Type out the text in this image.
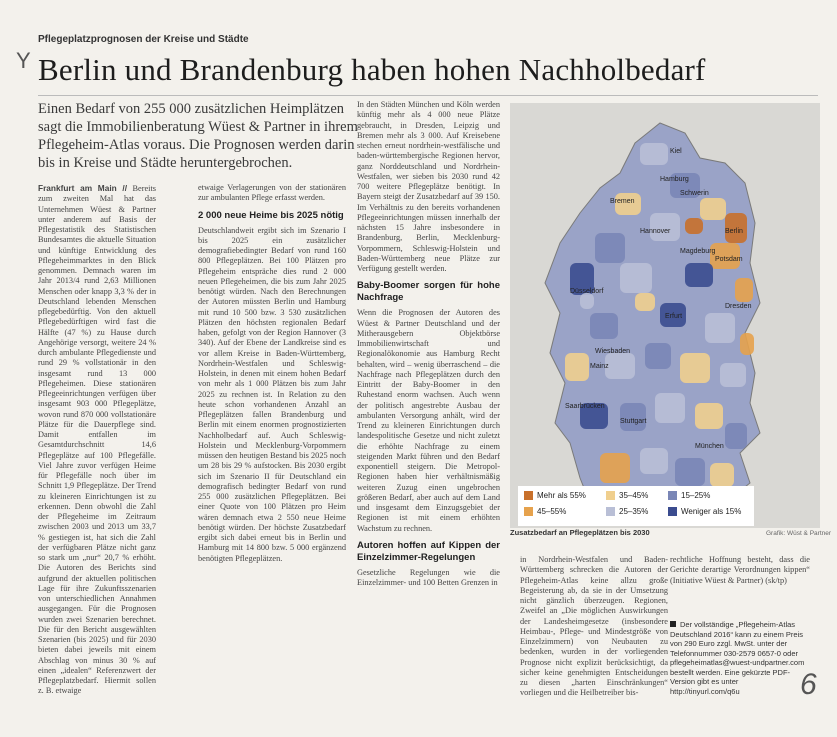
Y
Pflegeplatzprognosen der Kreise und Städte
Berlin und Brandenburg haben hohen Nachholbedarf
Einen Bedarf von 255 000 zusätzlichen Heimplätzen sagt die Immobilienberatung Wüest & Partner in ihrem Pflegeheim-Atlas voraus. Die Prognosen werden darin bis in Kreise und Städte heruntergebrochen.

Frankfurt am Main // Bereits zum zweiten Mal hat das Unternehmen Wüest & Partner unter anderem auf Basis der Pflegestatistik des Statistischen Bundesamtes die aktuelle Situation und künftige Entwicklung des Pflegeheimmarktes in den Blick genommen. Demnach waren im Jahr 2013/4 rund 2,63 Millionen Menschen oder knapp 3,3 % der in Deutschland lebenden Menschen pflegebedürftig. Von den aktuell Pflegebedürftigen wird fast die Hälfte (47 %) zu Hause durch Angehörige versorgt, weitere 24 % durch ambulante Pflegedienste und rund 29 % vollstationär in den insgesamt rund 13 000 Pflegeheimen. Diese stationären Pflegeeinrichtungen verfügen über insgesamt 903 000 Pflegeplätze, wovon rund 870 000 vollstationäre Plätze für die Dauerpflege sind. Damit entfallen im Gesamtdurchschnitt 14,6 Pflegeplätze auf 100 Pflegefälle. Viel Jahre zuvor verfügen Heime für Pflegefälle noch über im Schnitt 1,9 Pflegeplätze. Der Trend zu kleineren Einrichtungen ist zu erkennen. Denn obwohl die Zahl der Pflegeheime im Zeitraum zwischen 2003 und 2013 um 33,7 % gestiegen ist, hat sich die Zahl der verfügbaren Plätze nicht ganz so stark um „nur“ 20,7 % erhöht. Die Autoren des Berichts sind aufgrund der aktuellen politischen Lage für ihre Zukunftsszenarien von unterschiedlichen Annahmen ausgegangen. Für die Prognosen wurden zwei Szenarien berechnet. Die für den Bericht ausgewählten Szenarien (bis 2025) und für 2030 bieten dabei jeweils mit einem Abschlag von minus 30 % auf einen „idealen“ Referenzwert der Pflegeplatzbedarf. Hiermit sollen z. B. etwaige

etwaige Verlagerungen von der stationären zur ambulanten Pflege erfasst werden.

2 000 neue Heime bis 2025 nötig

Deutschlandweit ergibt sich im Szenario I bis 2025 ein zusätzlicher demografiebedingter Bedarf von rund 160 800 Pflegeplätzen. Bei 100 Plätzen pro Pflegeheim entspräche dies rund 2 000 neuen Pflegeheimen, die bis zum Jahr 2025 benötigt würden. Nach den Berechnungen der Autoren müssten Berlin und Hamburg mit rund 10 500 bzw. 3 530 zusätzlichen Plätzen den höchsten regionalen Bedarf haben, gefolgt von der Region Hannover (3 340). Auf der Ebene der Landkreise sind es vor allem Kreise in Baden-Württemberg, Nordrhein-Westfalen und Schleswig-Holstein, in denen mit einem hohen Bedarf von mehr als 1 000 Plätzen bis zum Jahr 2025 zu rechnen ist. In Relation zu den heute schon vorhandenen Anzahl an Pflegeplätzen fallen Brandenburg und Berlin mit einem enormen prognostizierten Nachholbedarf auf. Auch Schleswig-Holstein und Mecklenburg-Vorpommern müssen den heutigen Bestand bis 2025 noch um 28 bis 29 % aufstocken. Bis 2030 ergibt sich im Szenario II für Deutschland ein demografisch bedingter Bedarf von rund 255 000 zusätzlichen Pflegeplätzen. Bei einer Quote von 100 Plätzen pro Heim wären demnach etwa 2 550 neue Heime benötigt würden. Der höchste Zusatzbedarf ergibt sich dabei erneut bis in Berlin und Hamburg mit 14 800 bzw. 5 000 ergänzend benötigten Pflegeplätzen.

In den Städten München und Köln werden künftig mehr als 4 000 neue Plätze gebraucht, in Dresden, Leipzig und Bremen mehr als 3 000. Auf Kreisebene stechen erneut nordrhein-westfälische und baden-württembergische Regionen hervor, ganz Norddeutschland und Nordrhein-Westfalen, wer sieben bis 2030 rund 42 700 weitere Pflegeplätze benötigt. In Bayern steigt der Zusatzbedarf auf 39 150. Im Verhältnis zu den bereits vorhandenen Pflegeeinrichtungen müssen innerhalb der nächsten 15 Jahre insbesondere in Brandenburg, Berlin, Mecklenburg-Vorpommern, Schleswig-Holstein und Baden-Württemberg neue Plätze zur Verfügung gestellt werden.

Baby-Boomer sorgen für hohe Nachfrage

Wenn die Prognosen der Autoren des Wüest & Partner Deutschland und der Mitherausgebern Objektbörse Immobilienwirtschaft und Regionalökonomie aus Hamburg Recht behalten, wird – wenig überraschend – die Nachfrage nach Pflegeplätzen durch den Eintritt der Baby-Boomer in den Ruhestand enorm wachsen. Auch wenn der politisch angestrebte Ausbau der ambulanten Versorgung anhält, wird der Trend zu kleineren Einrichtungen durch landespolitische Gesetze und nicht zuletzt die erhöhte Nachfrage zu einem steigenden Markt führen und den Bedarf exponentiell steigern. Die Metropol-Regionen haben hier verhältnismäßig weiteren Zuzug einen ungebrochen größeren Bedarf, aber auch auf dem Land und insgesamt dem Einzugsgebiet der Regionen ist mit einem erhöhten Wachstum zu rechnen.

Autoren hoffen auf Kippen der Einzelzimmer-Regelungen

Gesetzliche Regelungen wie die Einzelzimmer- und 100 Betten Grenzen in

Kiel
Hamburg
Bremen
Hannover	Berlin
Magdeburg
Potsdam
Düsseldorf
Erfurt
Dresden
Wiesbaden
Mainz
Saarbrücken
Stuttgart
München
Schwerin
Mehr als 55%
45–55%
35–45%
25–35%
15–25%
Weniger als 15%
Zusatzbedarf an Pflegeplätzen bis 2030	Grafik: Wüst & Partner

in Nordrhein-Westfalen und Baden-Württemberg schrecken die Autoren der Pflegeheim-Atlas keine allzu große Begeisterung ab, da sie in der Umsetzung nicht gänzlich überzeugen. Regionen, Zweifel an „Die möglichen Auswirkungen der Landesheimgesetze (insbesondere Heimbau-, Pflege- und Mindestgröße von Einzelzimmern) von Neubauten zu bedenken, wurden in der vorliegenden Prognose nicht explizit berücksichtigt, da sicher keine genehmigten Entscheidungen zu diesen „harten Einschränkungen“ vorliegen und die Heilbetreiber bis-

rechtliche Hoffnung besteht, dass die Gerichte derartige Verordnungen kippen“ (Initiative Wüest & Partner) (sk/tp)

Der vollständige „Pflegeheim-Atlas Deutschland 2016“ kann zu einem Preis von 290 Euro zzgl. MwSt. unter der Telefonnummer 030-2579 0657-0 oder pflegeheimatlas@wuest-undpartner.com bestellt werden. Eine gekürzte PDF-Version gibt es unter http://tinyurl.com/q6u	6
